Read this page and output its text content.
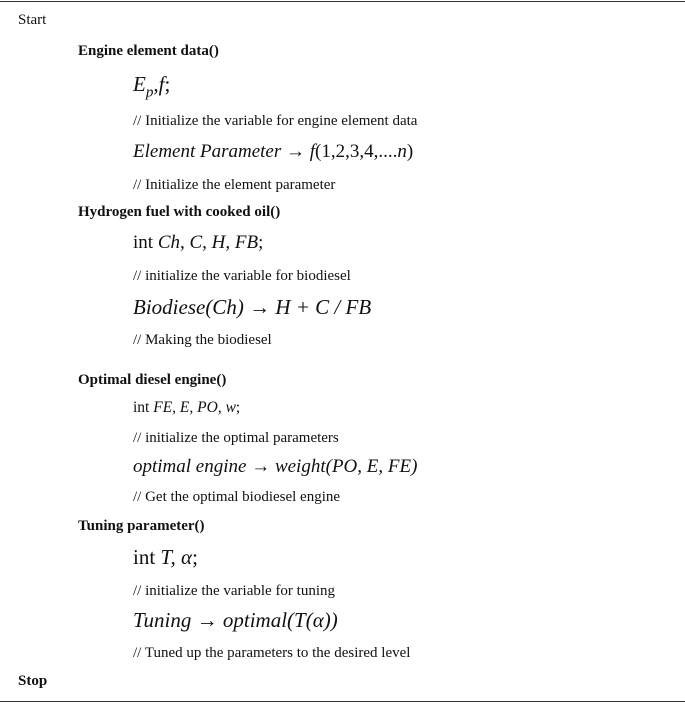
Start
Engine element data()
$E_p,f$;
// Initialize the variable for engine element data
Element Parameter → f(1,2,3,4,....n)
// Initialize the element parameter
Hydrogen fuel with cooked oil()
int Ch, C, H, FB;
// initialize the variable for biodiesel
Biodiese(Ch) → H + C / FB
// Making the biodiesel
Optimal diesel engine()
int FE, E, PO, w;
// initialize the optimal parameters
optimal engine → weight(PO, E, FE)
// Get the optimal biodiesel engine
Tuning parameter()
int T, α;
// initialize the variable for tuning
Tuning → optimal(T(α))
// Tuned up the parameters to the desired level
Stop
